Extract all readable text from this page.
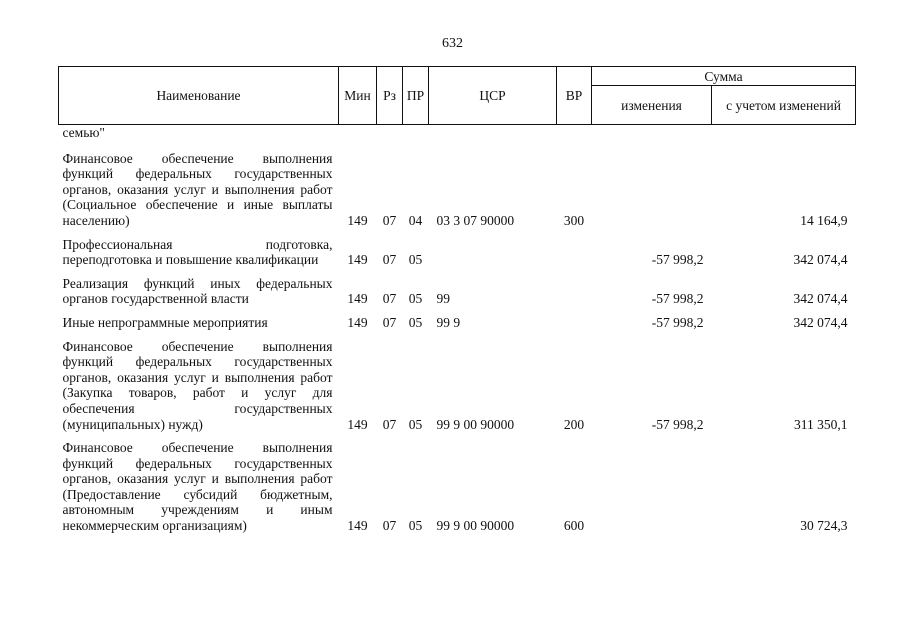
632
Наименование	Мин	Рз	ПР	ЦСР	ВР	Сумма	
						изменения	с учетом изменений
семью"							
Финансовое обеспечение выполнения функций федеральных государственных органов, оказания услуг и выполнения работ (Социальное обеспечение и иные выплаты населению)	149	07	04	03 3 07 90000	300		14 164,9
Профессиональная подготовка, переподготовка и повышение квалификации	149	07	05			-57 998,2	342 074,4
Реализация функций иных федеральных органов государственной власти	149	07	05	99		-57 998,2	342 074,4
Иные непрограммные мероприятия	149	07	05	99 9		-57 998,2	342 074,4
Финансовое обеспечение выполнения функций федеральных государственных органов, оказания услуг и выполнения работ (Закупка товаров, работ и услуг для обеспечения государственных (муниципальных) нужд)	149	07	05	99 9 00 90000	200	-57 998,2	311 350,1
Финансовое обеспечение выполнения функций федеральных государственных органов, оказания услуг и выполнения работ (Предоставление субсидий бюджетным, автономным учреждениям и иным некоммерческим организациям)	149	07	05	99 9 00 90000	600		30 724,3
